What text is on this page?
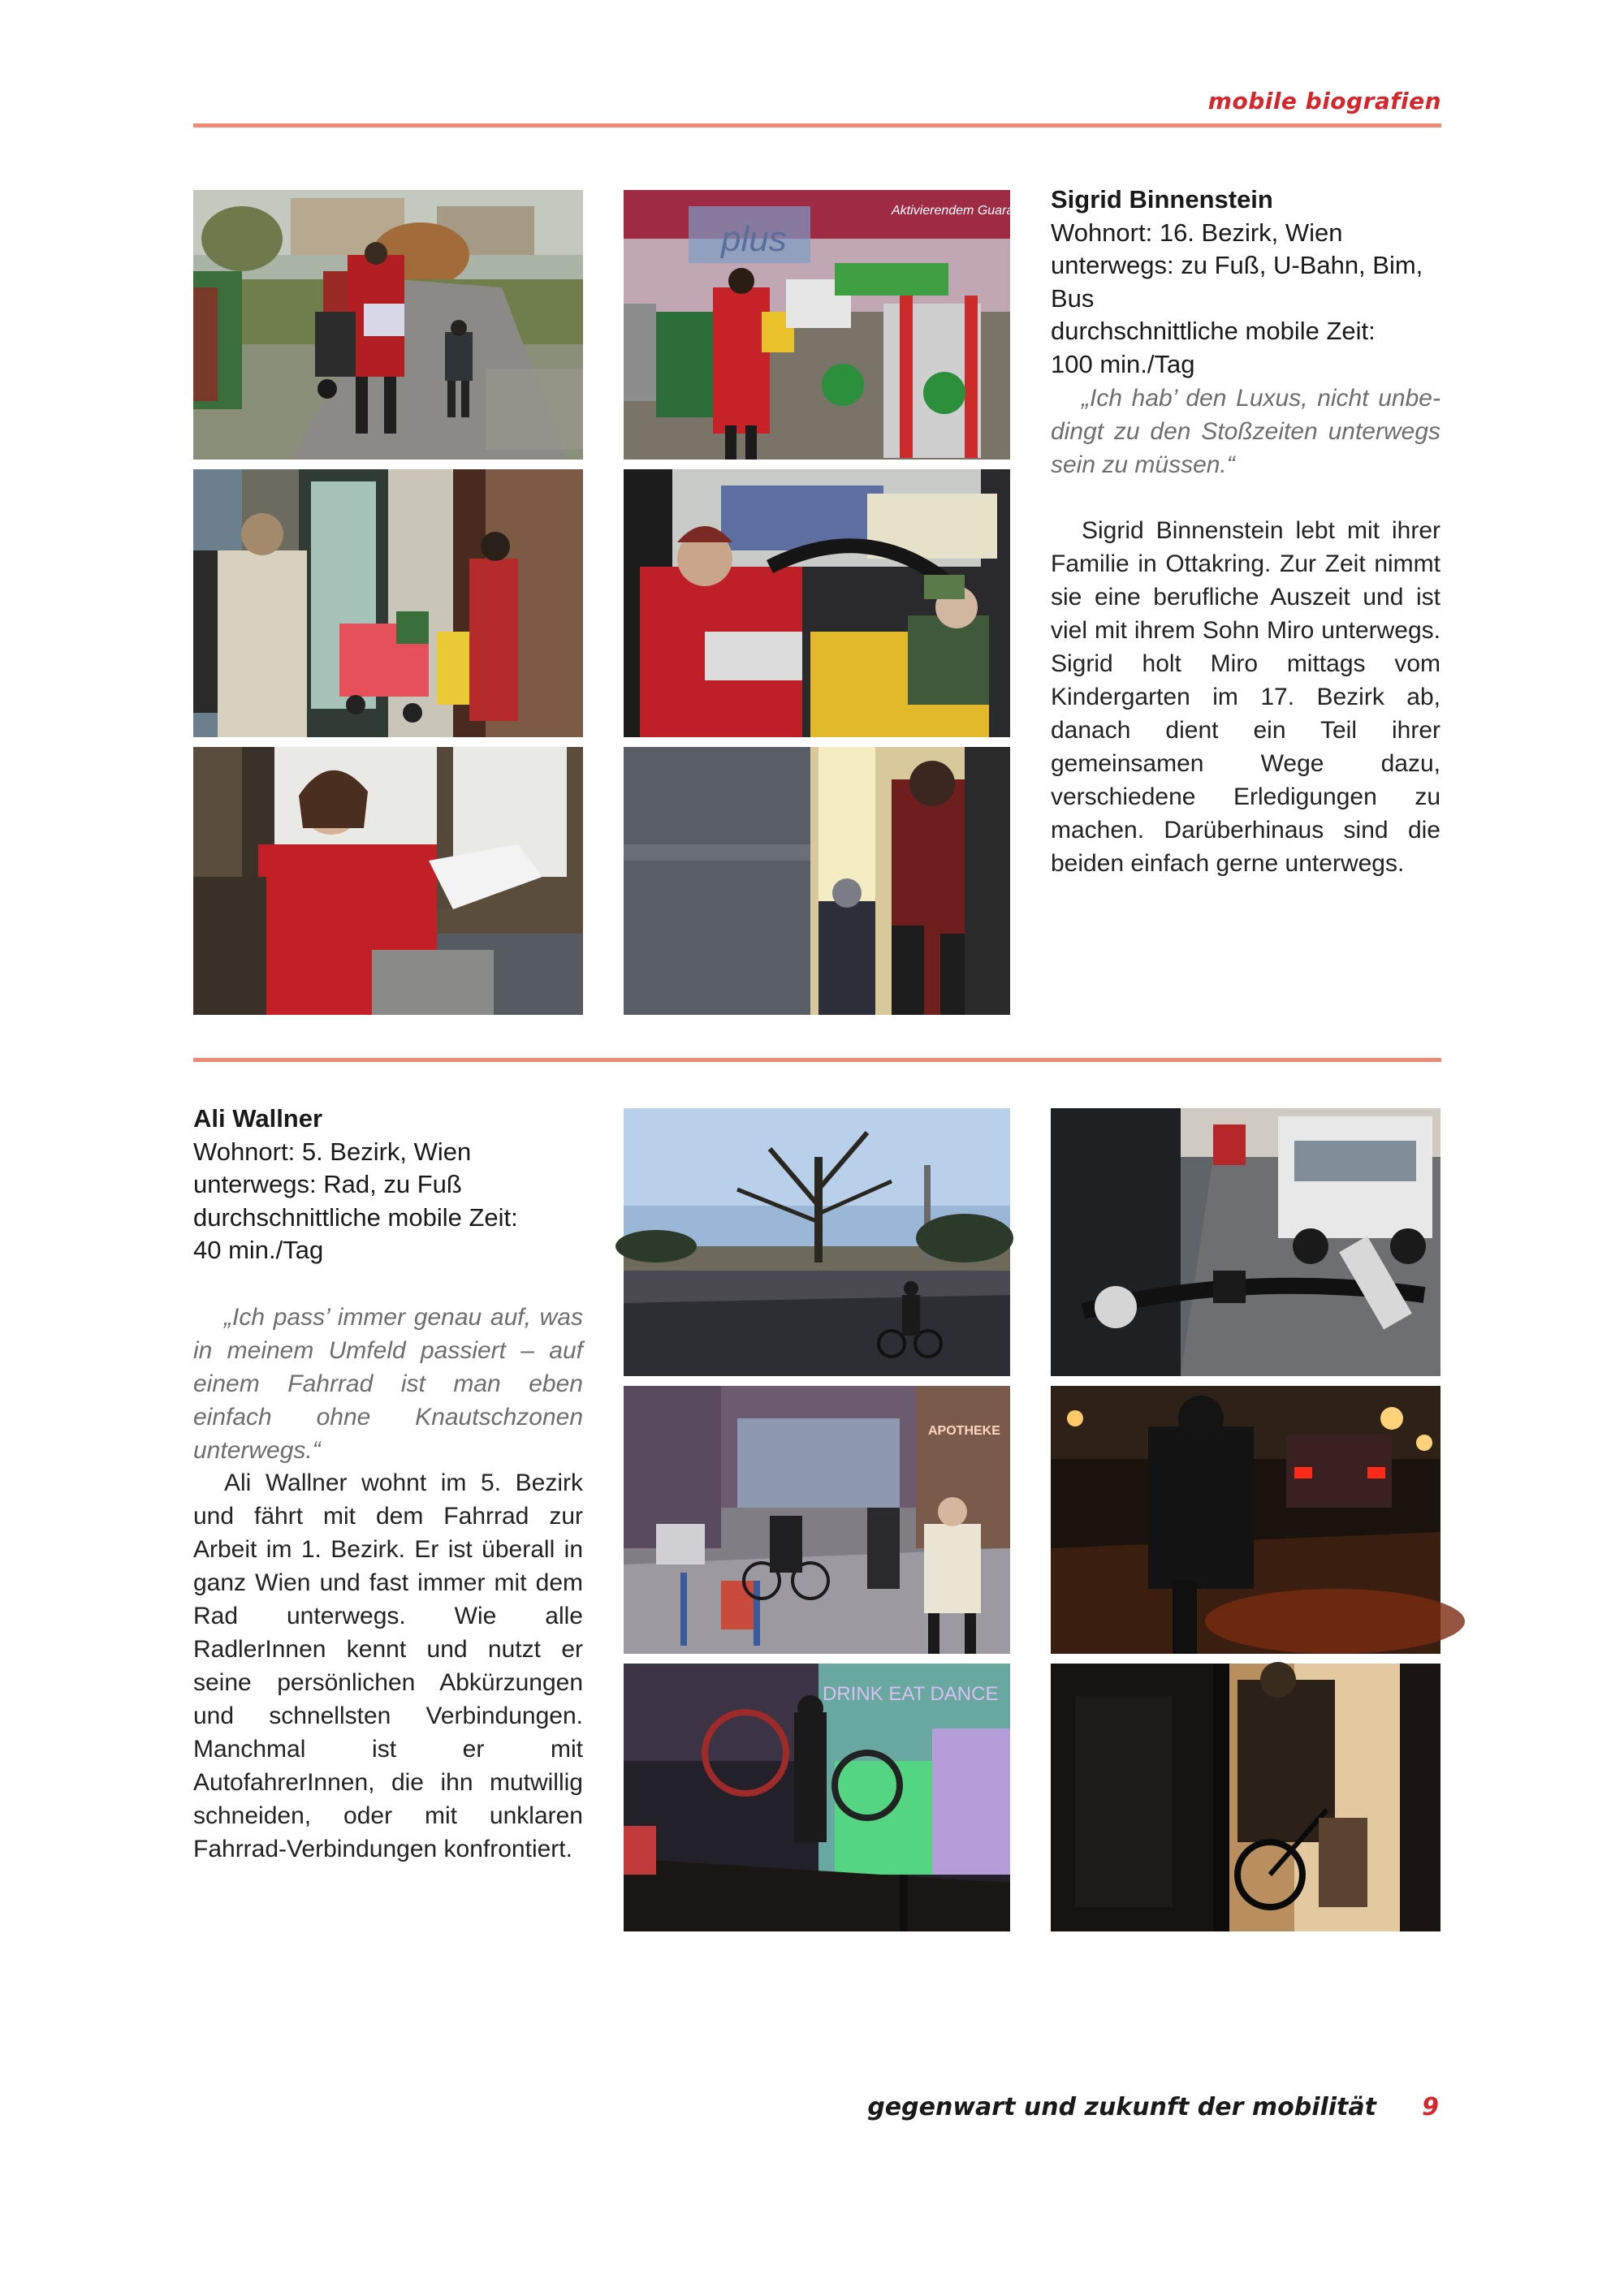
mobile biografien
plus
Aktivierendem Guarana Sigrid Binnenstein
Wohnort: 16. Bezirk, Wien
unterwegs: zu Fuß, U-Bahn, Bim, Bus
durchschnittliche mobile Zeit:
100 min./Tag
„Ich hab’ den Luxus, nicht unbedingt zu den Stoßzeiten unterwegs sein zu müssen.“
Sigrid Binnenstein lebt mit ihrer Familie in Ottakring. Zur Zeit nimmt sie eine berufliche Auszeit und ist viel mit ihrem Sohn Miro unterwegs. Sigrid holt Miro mittags vom Kindergarten im 17. Bezirk ab, danach dient ein Teil ihrer gemeinsamen Wege dazu, verschiedene Erledigungen zu machen. Darüberhinaus sind die beiden einfach gerne unterwegs.
Ali Wallner
Wohnort: 5. Bezirk, Wien
unterwegs: Rad, zu Fuß
durchschnittliche mobile Zeit:
40 min./Tag
„Ich pass’ immer genau auf, was in meinem Umfeld passiert – auf einem Fahrrad ist man eben einfach ohne Knautschzonen unterwegs.“
Ali Wallner wohnt im 5. Bezirk und fährt mit dem Fahrrad zur Arbeit im 1. Bezirk. Er ist überall in ganz Wien und fast immer mit dem Rad unterwegs. Wie alle RadlerInnen kennt und nutzt er seine persönlichen Abkürzungen und schnellsten Verbindungen. Manchmal ist er mit AutofahrerInnen, die ihn mutwillig schneiden, oder mit unklaren Fahrrad-Verbindungen konfrontiert.
APOTHEKE
DRINK EAT DANCE
gegenwart und zukunft der mobilität 9
